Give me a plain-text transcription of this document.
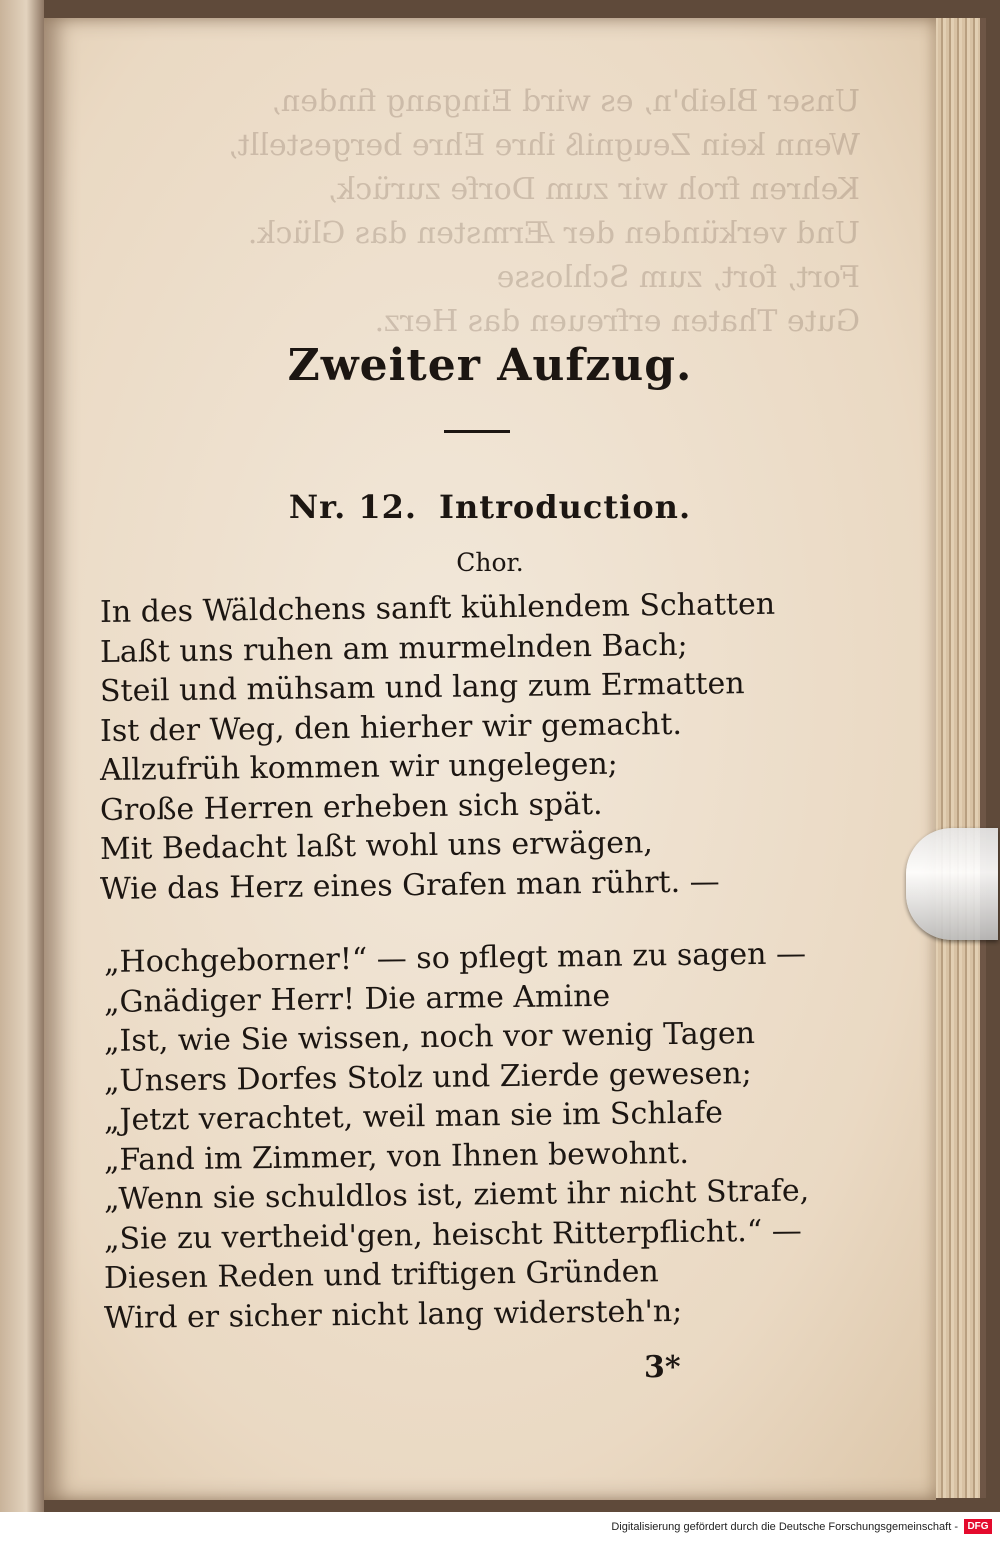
Unser Bleib'n, es wird Eingang finden,
Wenn kein Zeugniß ihre Ehre bergestellt,
Kehren froh wir zum Dorfe zurück,
Und verkünden der Ærmsten das Glück.
Fort, fort, zum Schlosse
Gute Thaten erfreuen das Herz.
Zweiter Aufzug.
Nr. 12. Introduction.
Chor.
In des Wäldchens sanft kühlendem Schatten
Laßt uns ruhen am murmelnden Bach;
Steil und mühsam und lang zum Ermatten
Ist der Weg, den hierher wir gemacht.
Allzufrüh kommen wir ungelegen;
Große Herren erheben sich spät.
Mit Bedacht laßt wohl uns erwägen,
Wie das Herz eines Grafen man rührt. —
„Hochgeborner!“ — so pflegt man zu sagen —
„Gnädiger Herr! Die arme Amine
„Ist, wie Sie wissen, noch vor wenig Tagen
„Unsers Dorfes Stolz und Zierde gewesen;
„Jetzt verachtet, weil man sie im Schlafe
„Fand im Zimmer, von Ihnen bewohnt.
„Wenn sie schuldlos ist, ziemt ihr nicht Strafe,
„Sie zu vertheid'gen, heischt Ritterpflicht.“ —
Diesen Reden und triftigen Gründen
Wird er sicher nicht lang widersteh'n;
3*
Digitalisierung gefördert durch die Deutsche Forschungsgemeinschaft - DFG
